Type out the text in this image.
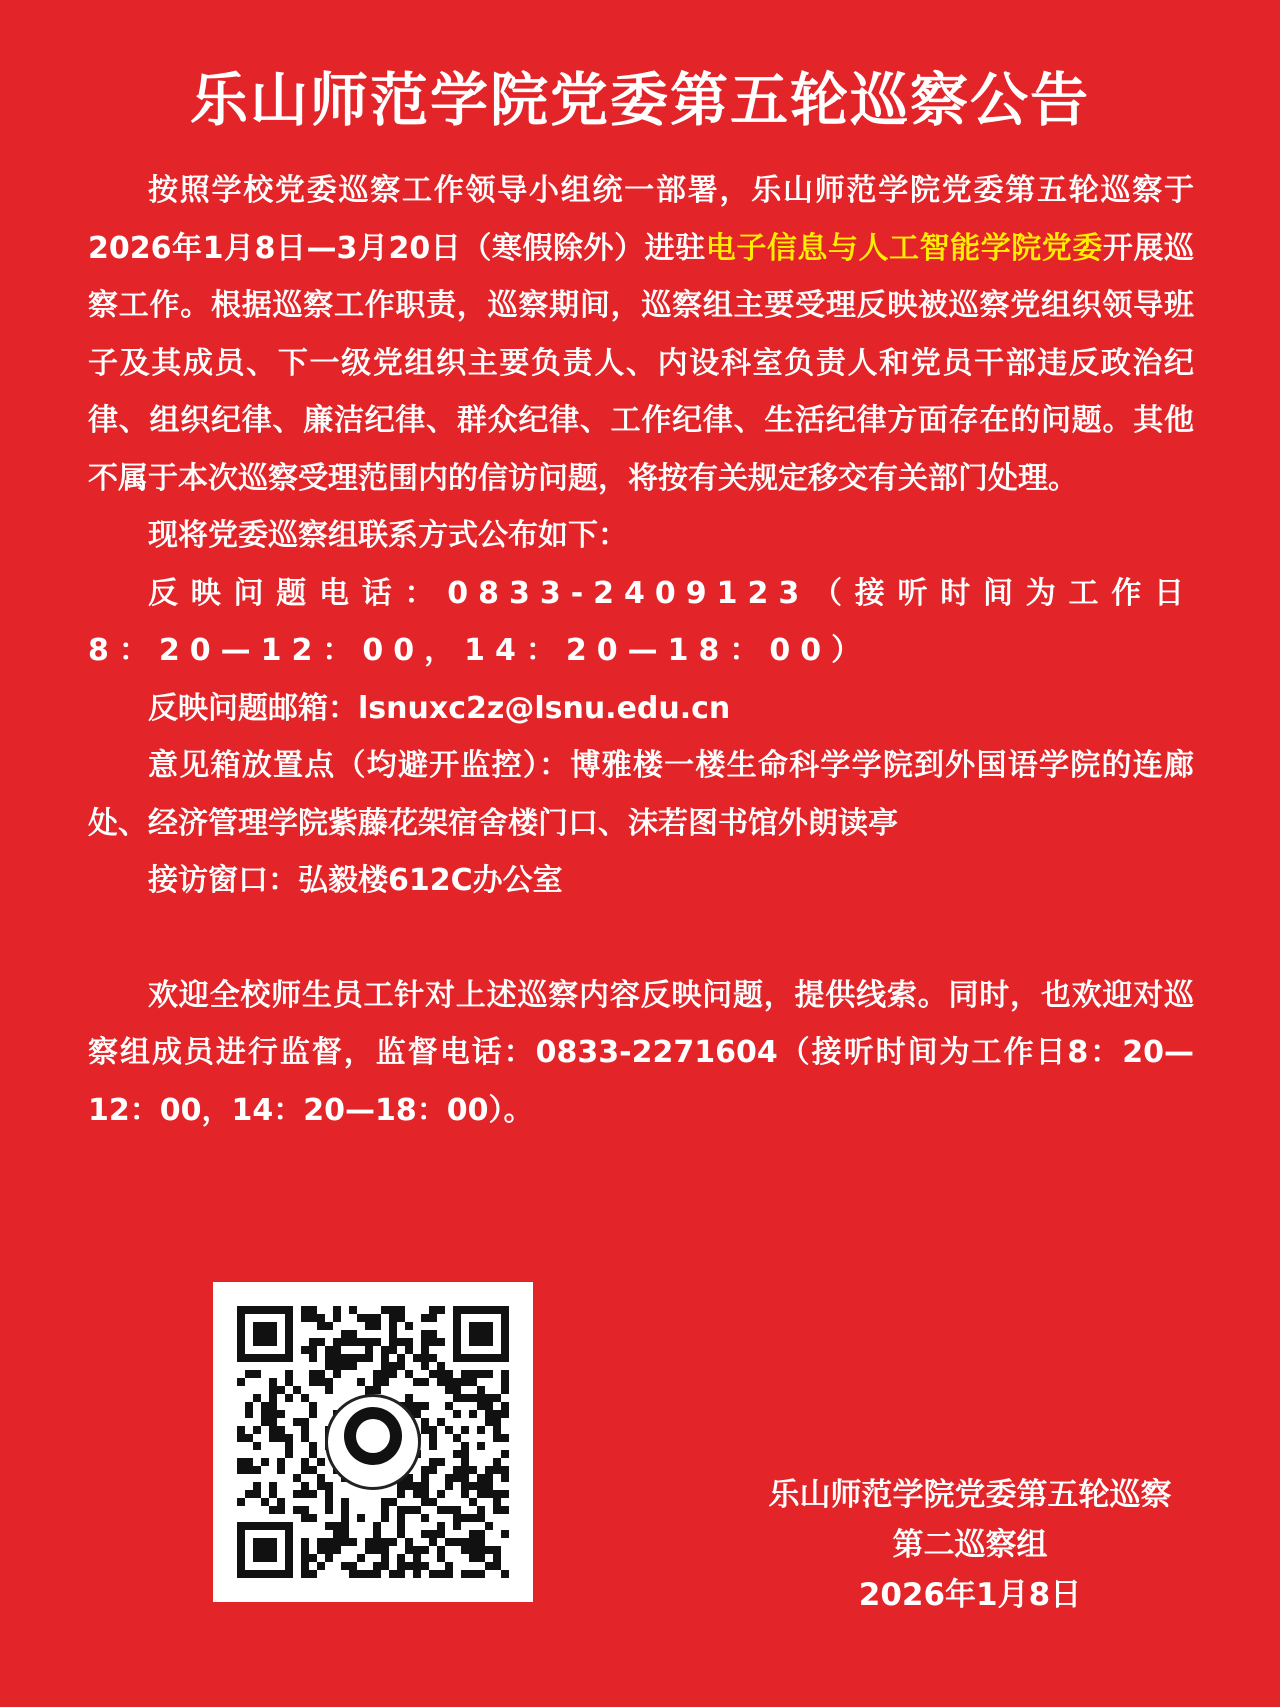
乐山师范学院党委第五轮巡察公告

按照学校党委巡察工作领导小组统一部署，乐山师范学院党委第五轮巡察于2026年1月8日—3月20日（寒假除外）进驻电子信息与人工智能学院党委开展巡察工作。根据巡察工作职责，巡察期间，巡察组主要受理反映被巡察党组织领导班子及其成员、下一级党组织主要负责人、内设科室负责人和党员干部违反政治纪律、组织纪律、廉洁纪律、群众纪律、工作纪律、生活纪律方面存在的问题。其他不属于本次巡察受理范围内的信访问题，将按有关规定移交有关部门处理。

现将党委巡察组联系方式公布如下：

反映问题电话：0833-2409123（接听时间为工作日8：20—12：00，14：20—18：00）

反映问题邮箱：lsnuxc2z@lsnu.edu.cn

意见箱放置点（均避开监控）：博雅楼一楼生命科学学院到外国语学院的连廊处、经济管理学院紫藤花架宿舍楼门口、沫若图书馆外朗读亭

接访窗口：弘毅楼612C办公室

欢迎全校师生员工针对上述巡察内容反映问题，提供线索。同时，也欢迎对巡察组成员进行监督，监督电话：0833-2271604（接听时间为工作日8：20—12：00，14：20—18：00）。

乐山师范学院党委第五轮巡察
第二巡察组
2026年1月8日
